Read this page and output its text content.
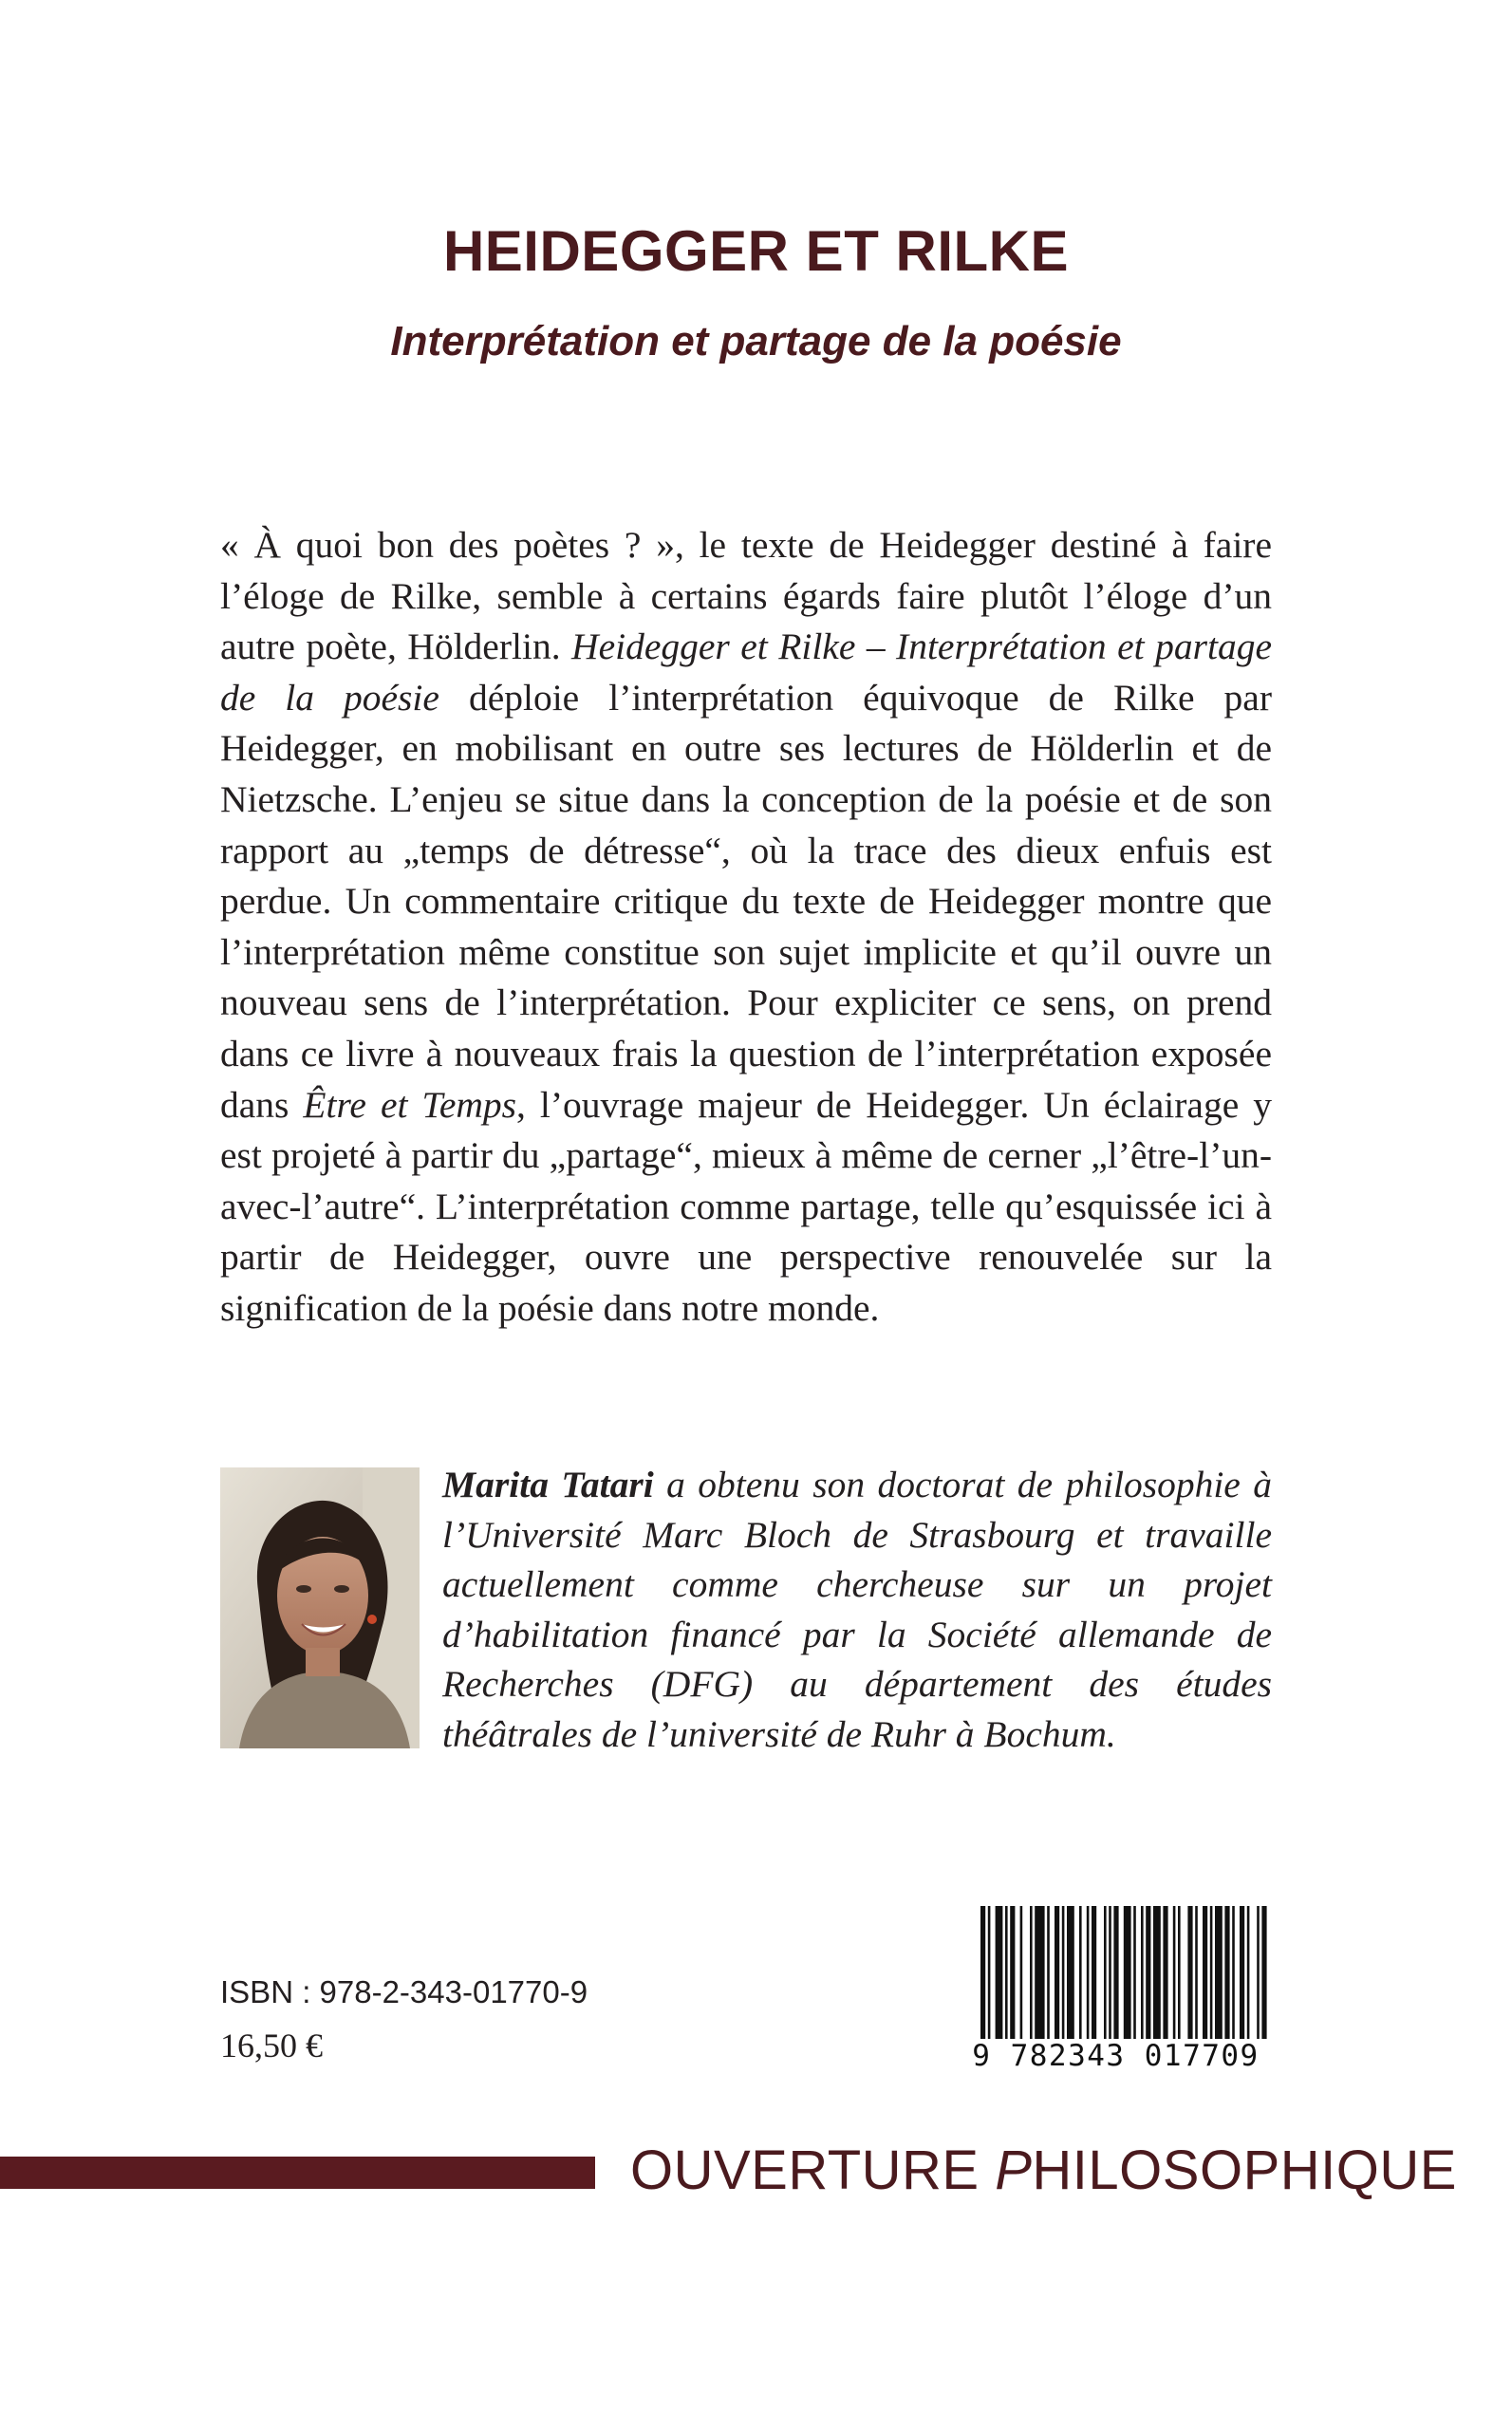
HEIDEGGER ET RILKE
Interprétation et partage de la poésie

« À quoi bon des poètes ? », le texte de Heidegger destiné à faire l’éloge de Rilke, semble à certains égards faire plutôt l’éloge d’un autre poète, Hölderlin. Heidegger et Rilke – Interprétation et partage de la poésie déploie l’interprétation équivoque de Rilke par Heidegger, en mobilisant en outre ses lectures de Hölderlin et de Nietzsche. L’enjeu se situe dans la conception de la poésie et de son rapport au „temps de détresse“, où la trace des dieux enfuis est perdue. Un commentaire critique du texte de Heidegger montre que l’interprétation même constitue son sujet implicite et qu’il ouvre un nouveau sens de l’interprétation. Pour expliciter ce sens, on prend dans ce livre à nouveaux frais la question de l’interprétation exposée dans Être et Temps, l’ouvrage majeur de Heidegger. Un éclairage y est projeté à partir du „partage“, mieux à même de cerner „l’être-l’un-avec-l’autre“. L’interprétation comme partage, telle qu’esquissée ici à partir de Heidegger, ouvre une perspective renouvelée sur la signification de la poésie dans notre monde.

Marita Tatari a obtenu son doctorat de philosophie à l’Université Marc Bloch de Strasbourg et travaille actuellement comme chercheuse sur un projet d’habilitation financé par la Société allemande de Recherches (DFG) au département des études théâtrales de l’université de Ruhr à Bochum.

ISBN : 978-2-343-01770-9
16,50 €	9 782343 017709
OUVERTURE PHILOSOPHIQUE
